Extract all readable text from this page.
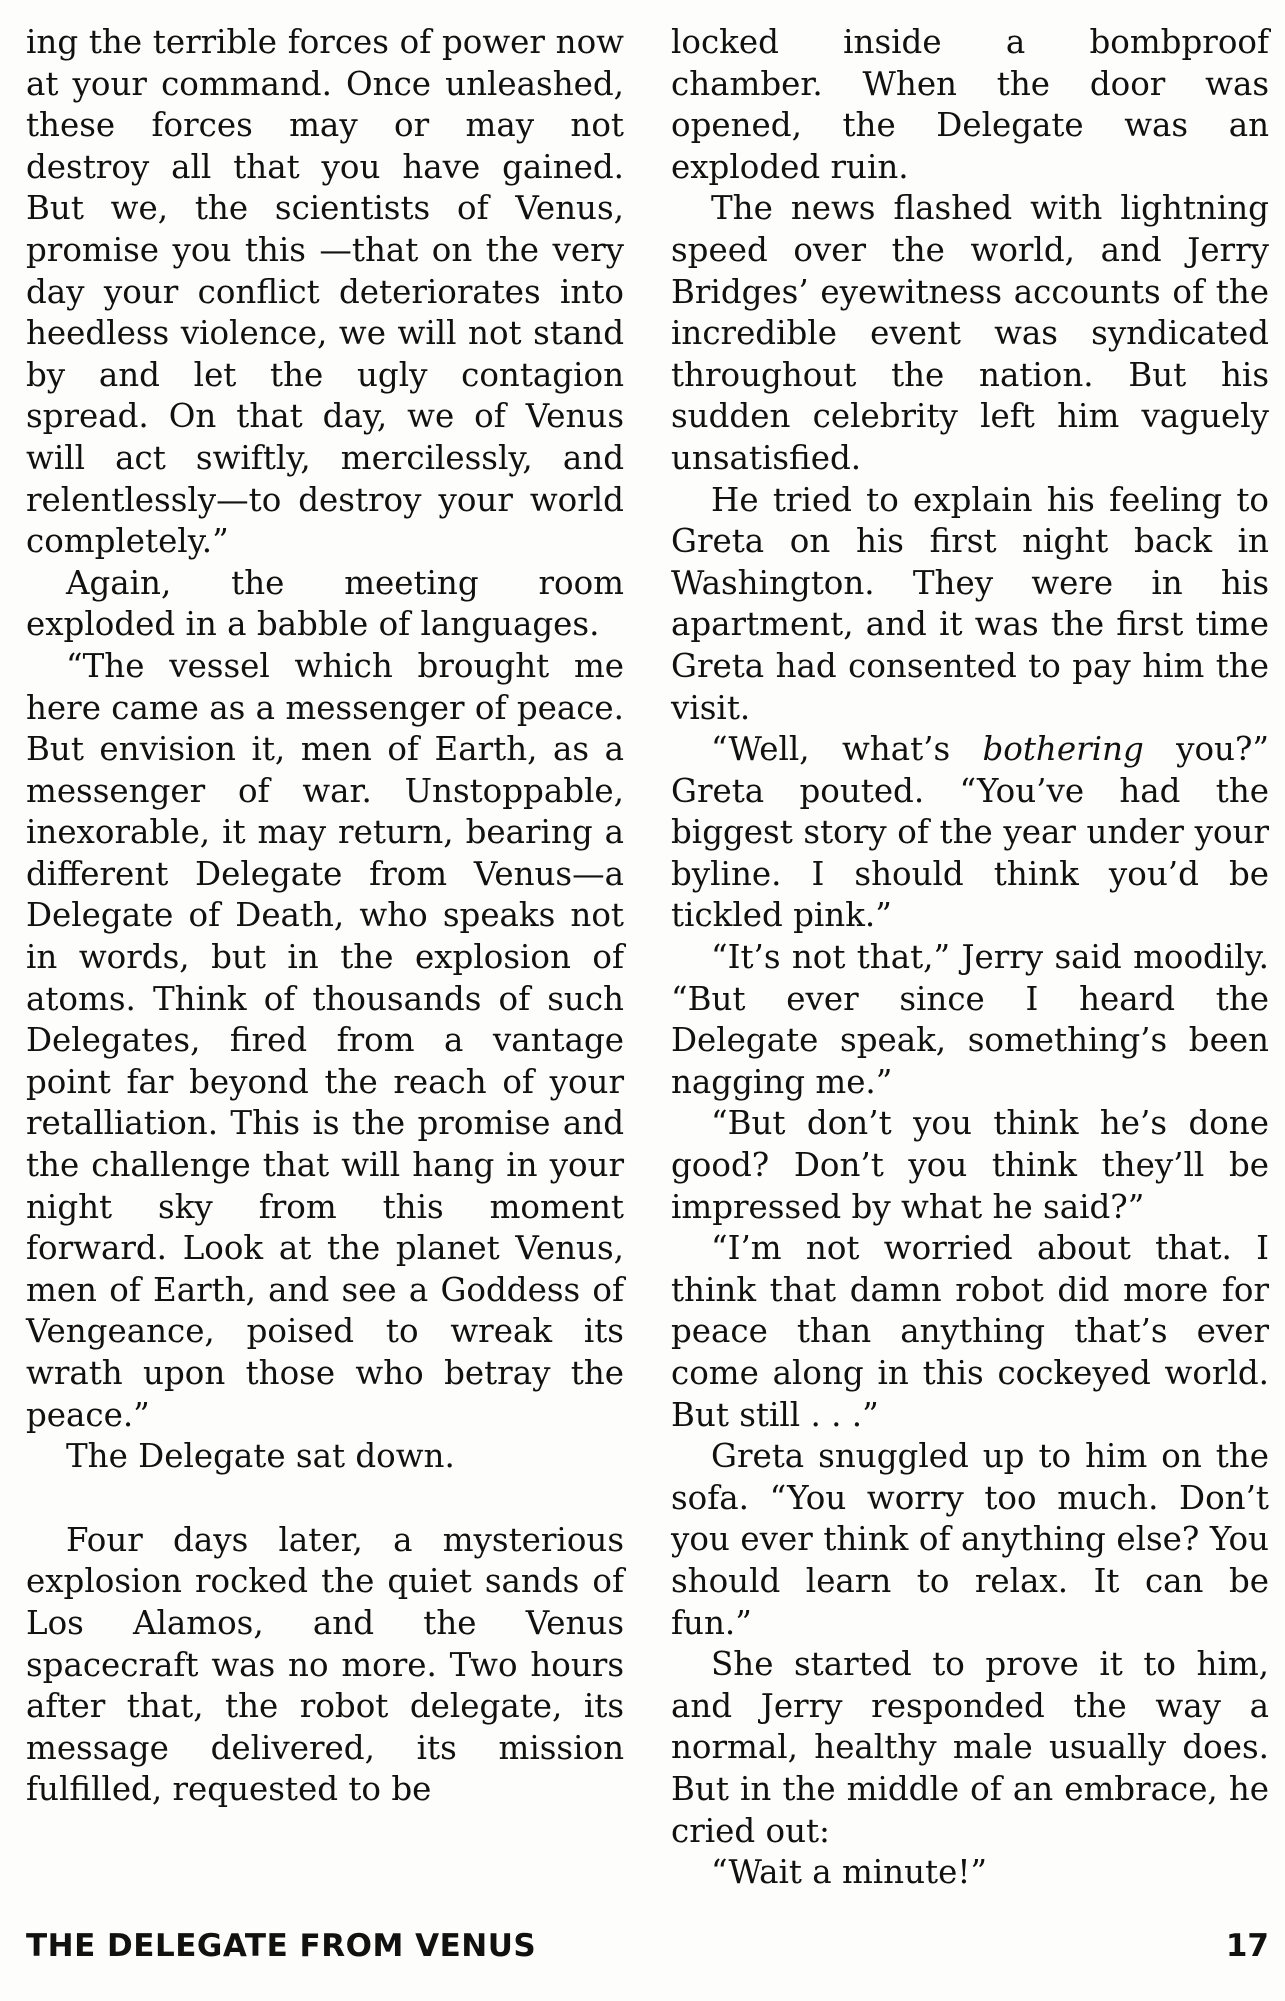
ing the terrible forces of power now at your command. Once unleashed, these forces may or may not destroy all that you have gained. But we, the scientists of Venus, promise you this —that on the very day your conflict deteriorates into heedless violence, we will not stand by and let the ugly contagion spread. On that day, we of Venus will act swiftly, mercilessly, and relentlessly—to destroy your world completely.”

Again, the meeting room exploded in a babble of languages.

“The vessel which brought me here came as a messenger of peace. But envision it, men of Earth, as a messenger of war. Unstoppable, inexorable, it may return, bearing a different Delegate from Venus—a Delegate of Death, who speaks not in words, but in the explosion of atoms. Think of thousands of such Delegates, fired from a vantage point far beyond the reach of your retalliation. This is the promise and the challenge that will hang in your night sky from this moment forward. Look at the planet Venus, men of Earth, and see a Goddess of Vengeance, poised to wreak its wrath upon those who betray the peace.”

The Delegate sat down.

Four days later, a mysterious explosion rocked the quiet sands of Los Alamos, and the Venus spacecraft was no more. Two hours after that, the robot delegate, its message delivered, its mission fulfilled, requested to be

locked inside a bombproof chamber. When the door was opened, the Delegate was an exploded ruin.

The news flashed with lightning speed over the world, and Jerry Bridges’ eyewitness accounts of the incredible event was syndicated throughout the nation. But his sudden celebrity left him vaguely unsatisfied.

He tried to explain his feeling to Greta on his first night back in Washington. They were in his apartment, and it was the first time Greta had consented to pay him the visit.

“Well, what’s bothering you?” Greta pouted. “You’ve had the biggest story of the year under your byline. I should think you’d be tickled pink.”

“It’s not that,” Jerry said moodily. “But ever since I heard the Delegate speak, something’s been nagging me.”

“But don’t you think he’s done good? Don’t you think they’ll be impressed by what he said?”

“I’m not worried about that. I think that damn robot did more for peace than anything that’s ever come along in this cockeyed world. But still . . .”

Greta snuggled up to him on the sofa. “You worry too much. Don’t you ever think of anything else? You should learn to relax. It can be fun.”

She started to prove it to him, and Jerry responded the way a normal, healthy male usually does. But in the middle of an embrace, he cried out:

“Wait a minute!”

THE DELEGATE FROM VENUS	17
